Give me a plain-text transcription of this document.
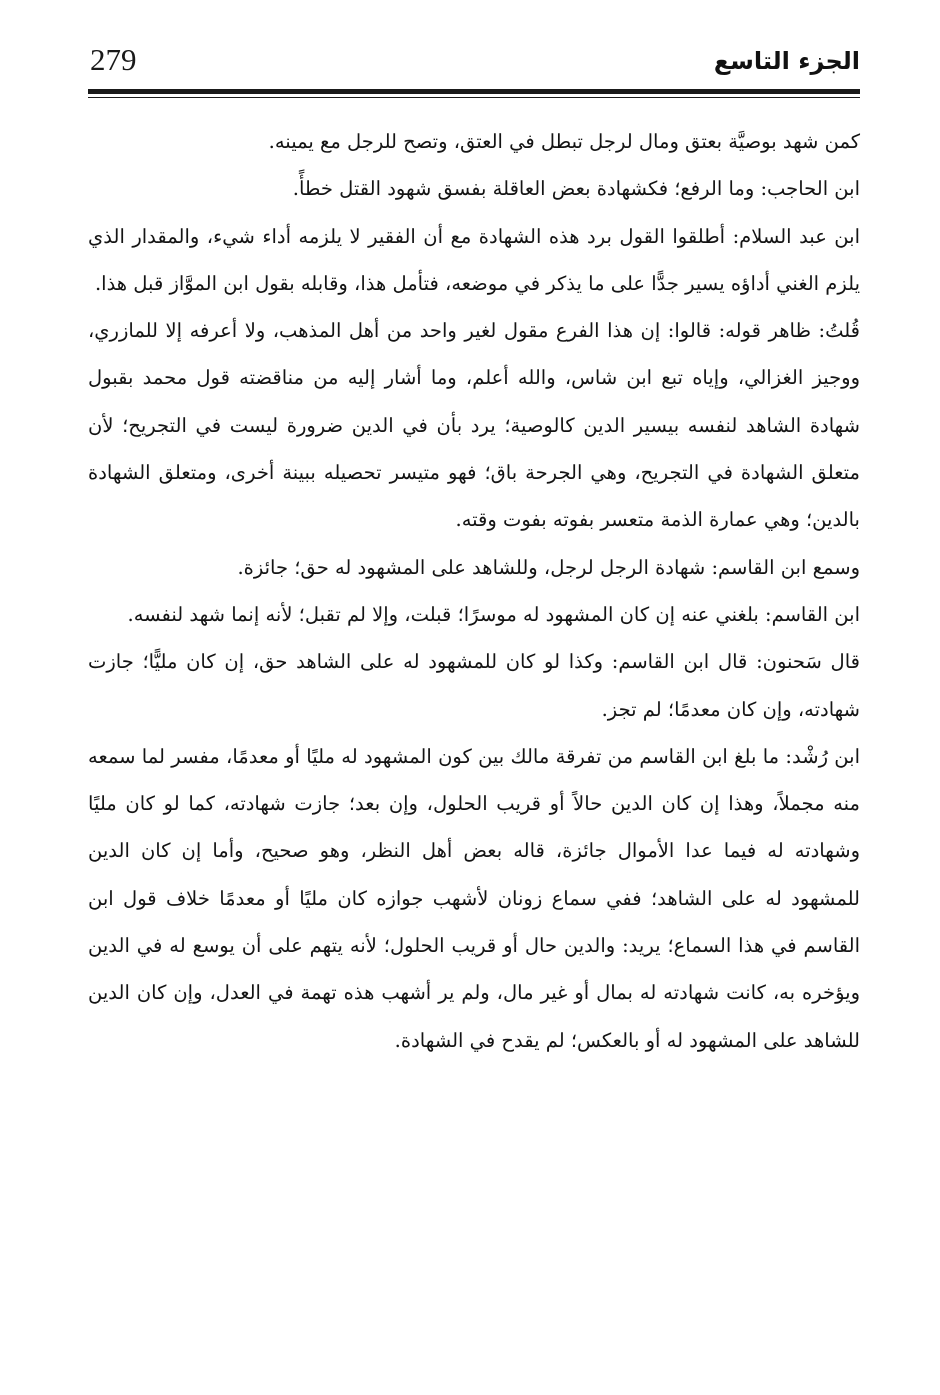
279	الجزء التاسع

كمن شهد بوصيَّة بعتق ومال لرجل تبطل في العتق، وتصح للرجل مع يمينه.

ابن الحاجب: وما الرفع؛ فكشهادة بعض العاقلة بفسق شهود القتل خطأً.

ابن عبد السلام: أطلقوا القول برد هذه الشهادة مع أن الفقير لا يلزمه أداء شيء، والمقدار الذي يلزم الغني أداؤه يسير جدًّا على ما يذكر في موضعه، فتأمل هذا، وقابله بقول ابن الموَّاز قبل هذا.

قُلتُ: ظاهر قوله: قالوا: إن هذا الفرع مقول لغير واحد من أهل المذهب، ولا أعرفه إلا للمازري، ووجيز الغزالي، وإياه تبع ابن شاس، والله أعلم، وما أشار إليه من مناقضته قول محمد بقبول شهادة الشاهد لنفسه بيسير الدين كالوصية؛ يرد بأن في الدين ضرورة ليست في التجريح؛ لأن متعلق الشهادة في التجريح، وهي الجرحة باق؛ فهو متيسر تحصيله ببينة أخرى، ومتعلق الشهادة بالدين؛ وهي عمارة الذمة متعسر بفوته بفوت وقته.

وسمع ابن القاسم: شهادة الرجل لرجل، وللشاهد على المشهود له حق؛ جائزة.

ابن القاسم: بلغني عنه إن كان المشهود له موسرًا؛ قبلت، وإلا لم تقبل؛ لأنه إنما شهد لنفسه.

قال سَحنون: قال ابن القاسم: وكذا لو كان للمشهود له على الشاهد حق، إن كان مليًّا؛ جازت شهادته، وإن كان معدمًا؛ لم تجز.

ابن رُشْد: ما بلغ ابن القاسم من تفرقة مالك بين كون المشهود له مليًا أو معدمًا، مفسر لما سمعه منه مجملاً، وهذا إن كان الدين حالاً أو قريب الحلول، وإن بعد؛ جازت شهادته، كما لو كان مليًا وشهادته له فيما عدا الأموال جائزة، قاله بعض أهل النظر، وهو صحيح، وأما إن كان الدين للمشهود له على الشاهد؛ ففي سماع زونان لأشهب جوازه كان مليًا أو معدمًا خلاف قول ابن القاسم في هذا السماع؛ يريد: والدين حال أو قريب الحلول؛ لأنه يتهم على أن يوسع له في الدين ويؤخره به، كانت شهادته له بمال أو غير مال، ولم ير أشهب هذه تهمة في العدل، وإن كان الدين للشاهد على المشهود له أو بالعكس؛ لم يقدح في الشهادة.
